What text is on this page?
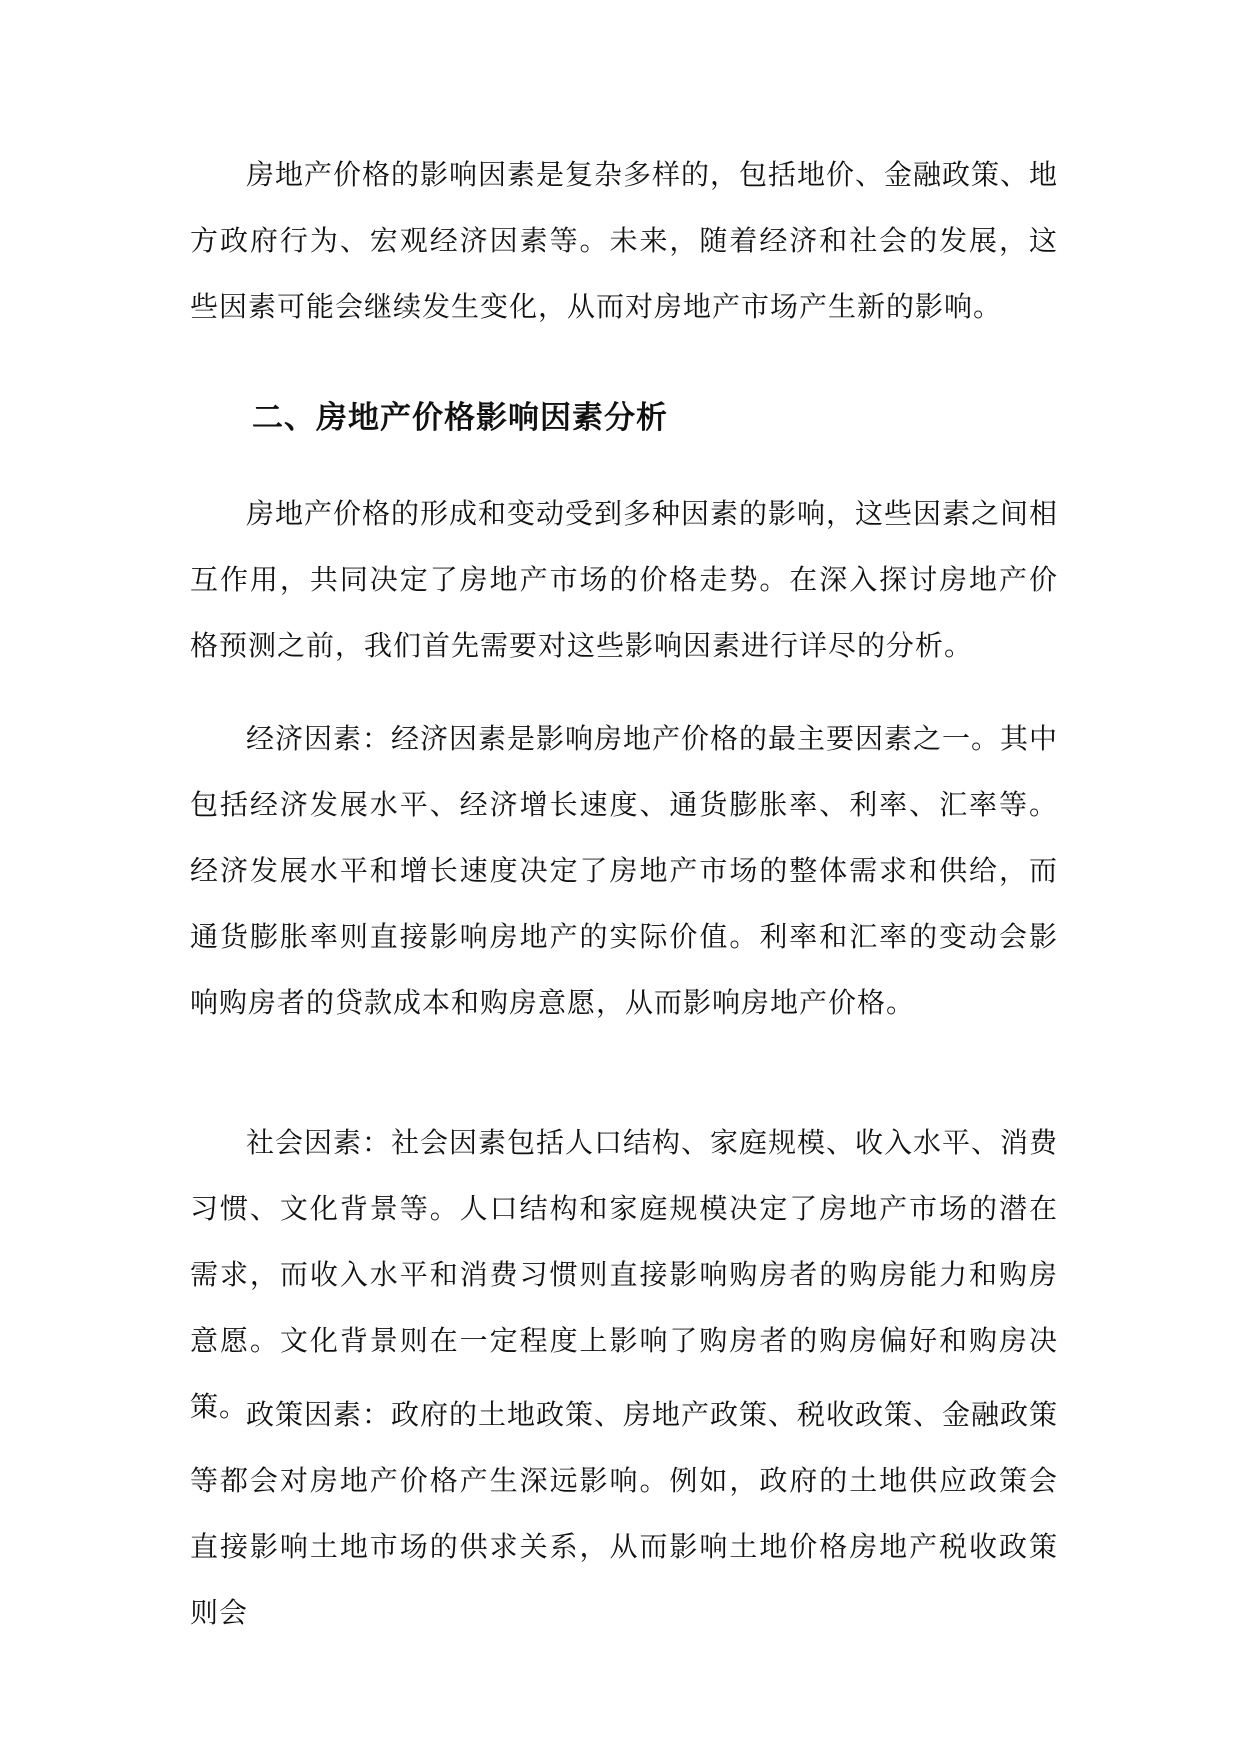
房地产价格的影响因素是复杂多样的，包括地价、金融政策、地方政府行为、宏观经济因素等。未来，随着经济和社会的发展，这些因素可能会继续发生变化，从而对房地产市场产生新的影响。

二、房地产价格影响因素分析

房地产价格的形成和变动受到多种因素的影响，这些因素之间相互作用，共同决定了房地产市场的价格走势。在深入探讨房地产价格预测之前，我们首先需要对这些影响因素进行详尽的分析。

经济因素：经济因素是影响房地产价格的最主要因素之一。其中包括经济发展水平、经济增长速度、通货膨胀率、利率、汇率等。经济发展水平和增长速度决定了房地产市场的整体需求和供给，而通货膨胀率则直接影响房地产的实际价值。利率和汇率的变动会影响购房者的贷款成本和购房意愿，从而影响房地产价格。

社会因素：社会因素包括人口结构、家庭规模、收入水平、消费习惯、文化背景等。人口结构和家庭规模决定了房地产市场的潜在需求，而收入水平和消费习惯则直接影响购房者的购房能力和购房意愿。文化背景则在一定程度上影响了购房者的购房偏好和购房决策。

政策因素：政府的土地政策、房地产政策、税收政策、金融政策等都会对房地产价格产生深远影响。例如，政府的土地供应政策会直接影响土地市场的供求关系，从而影响土地价格房地产税收政策则会
